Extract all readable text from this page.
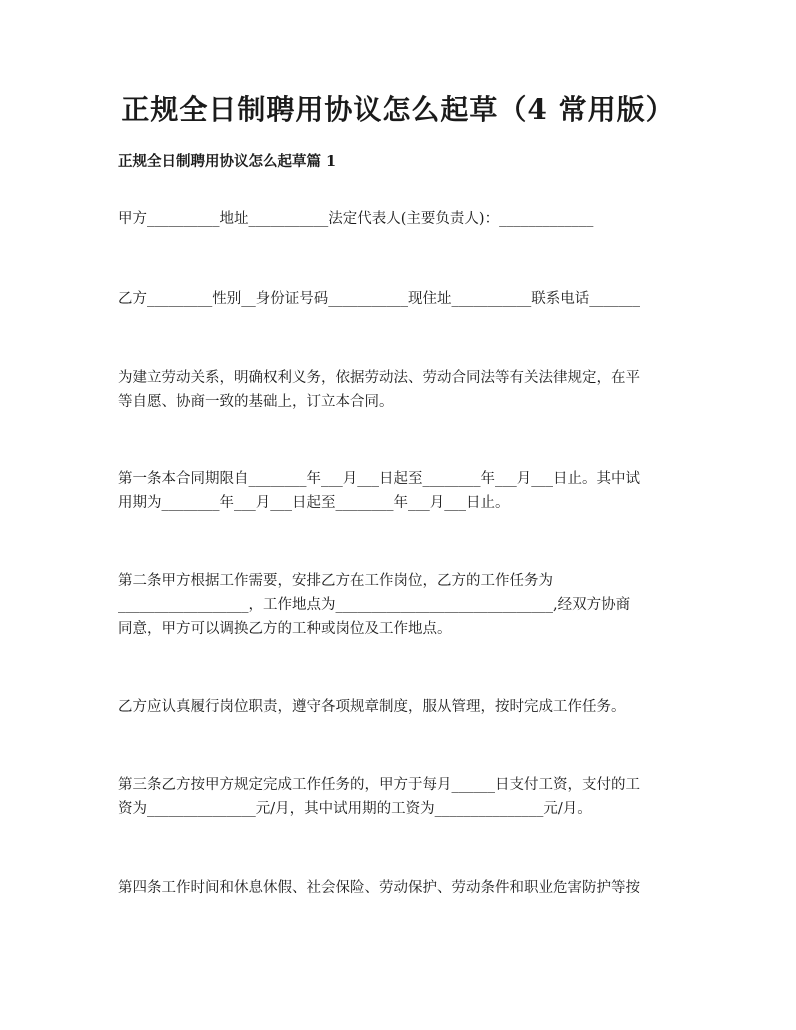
正规全日制聘用协议怎么起草（4 常用版）
正规全日制聘用协议怎么起草篇 1
甲方__________地址___________法定代表人(主要负责人)：_____________
乙方_________性别__身份证号码___________现住址___________联系电话_______
为建立劳动关系，明确权利义务，依据劳动法、劳动合同法等有关法律规定，在平
等自愿、协商一致的基础上，订立本合同。
第一条本合同期限自________年___月___日起至________年___月___日止。其中试
用期为________年___月___日起至________年___月___日止。
第二条甲方根据工作需要，安排乙方在工作岗位，乙方的工作任务为
__________________，工作地点为______________________________,经双方协商
同意，甲方可以调换乙方的工种或岗位及工作地点。
乙方应认真履行岗位职责，遵守各项规章制度，服从管理，按时完成工作任务。
第三条乙方按甲方规定完成工作任务的，甲方于每月______日支付工资，支付的工
资为_______________元/月，其中试用期的工资为_______________元/月。
第四条工作时间和休息休假、社会保险、劳动保护、劳动条件和职业危害防护等按
